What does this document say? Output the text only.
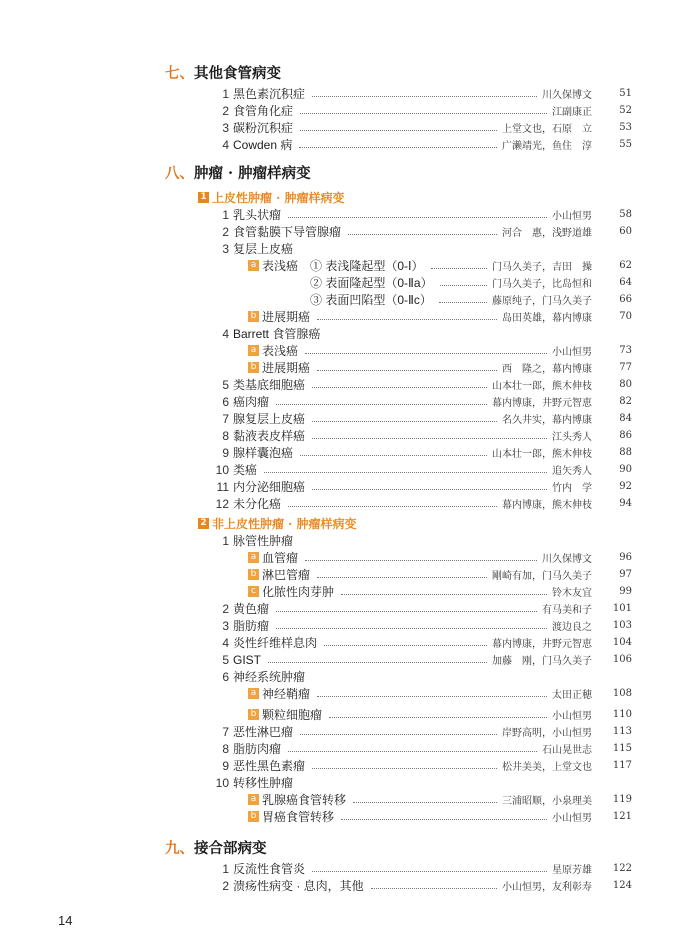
七、其他食管病变
八、肿瘤 · 肿瘤样病变
九、接合部病变
1 上皮性肿瘤 · 肿瘤样病变
2 非上皮性肿瘤 · 肿瘤样病变
1 黑色素沉积症	川久保博文	51
2 食管角化症	江副康正	52
3 碳粉沉积症	上堂文也，石原　立	53
4 Cowden 病	广濑靖光，鱼住　淳	55
1 乳头状瘤	小山恒男	58
2 食管黏膜下导管腺瘤	河合　惠，浅野道雄	60
3 复层上皮癌
a 表浅癌　① 表浅隆起型（0-Ⅰ）	门马久美子，吉田　操	62
② 表面隆起型（0-Ⅱa）	门马久美子，比岛恒和	64
③ 表面凹陷型（0-Ⅱc）	藤原纯子，门马久美子	66
b 进展期癌	岛田英雄，幕内博康	70
4 Barrett 食管腺癌
a 表浅癌	小山恒男	73
b 进展期癌	西　隆之，幕内博康	77
5 类基底细胞癌	山本壮一郎，熊木伸枝	80
6 癌肉瘤	幕内博康，井野元智恵	82
7 腺复层上皮癌	名久井实，幕内博康	84
8 黏液表皮样癌	江头秀人	86
9 腺样囊泡癌	山本壮一郎，熊木伸枝	88
10 类癌	追矢秀人	90
11 内分泌细胞癌	竹内　学	92
12 未分化癌	幕内博康，熊木伸枝	94
1 脉管性肿瘤
a 血管瘤	川久保博文	96
b 淋巴管瘤	剛崎有加，门马久美子	97
c 化脓性肉芽肿	铃木友宜	99
2 黄色瘤	有马美和子	101
3 脂肪瘤	渡边良之	103
4 炎性纤维样息肉	幕内博康，井野元智恵	104
5 GIST	加藤　刚，门马久美子	106
6 神经系统肿瘤
a 神经鞘瘤	太田正穂	108
b 颗粒细胞瘤	小山恒男	110
7 恶性淋巴瘤	岸野高明，小山恒男	113
8 脂肪肉瘤	石山晃世志	115
9 恶性黑色素瘤	松井美美，上堂文也	117
10 转移性肿瘤
a 乳腺癌食管转移	三浦昭顺，小泉理美	119
b 胃癌食管转移	小山恒男	121
1 反流性食管炎	星原芳雄	122
2 溃疡性病变 · 息肉，其他	小山恒男，友利彰寿	124
14
